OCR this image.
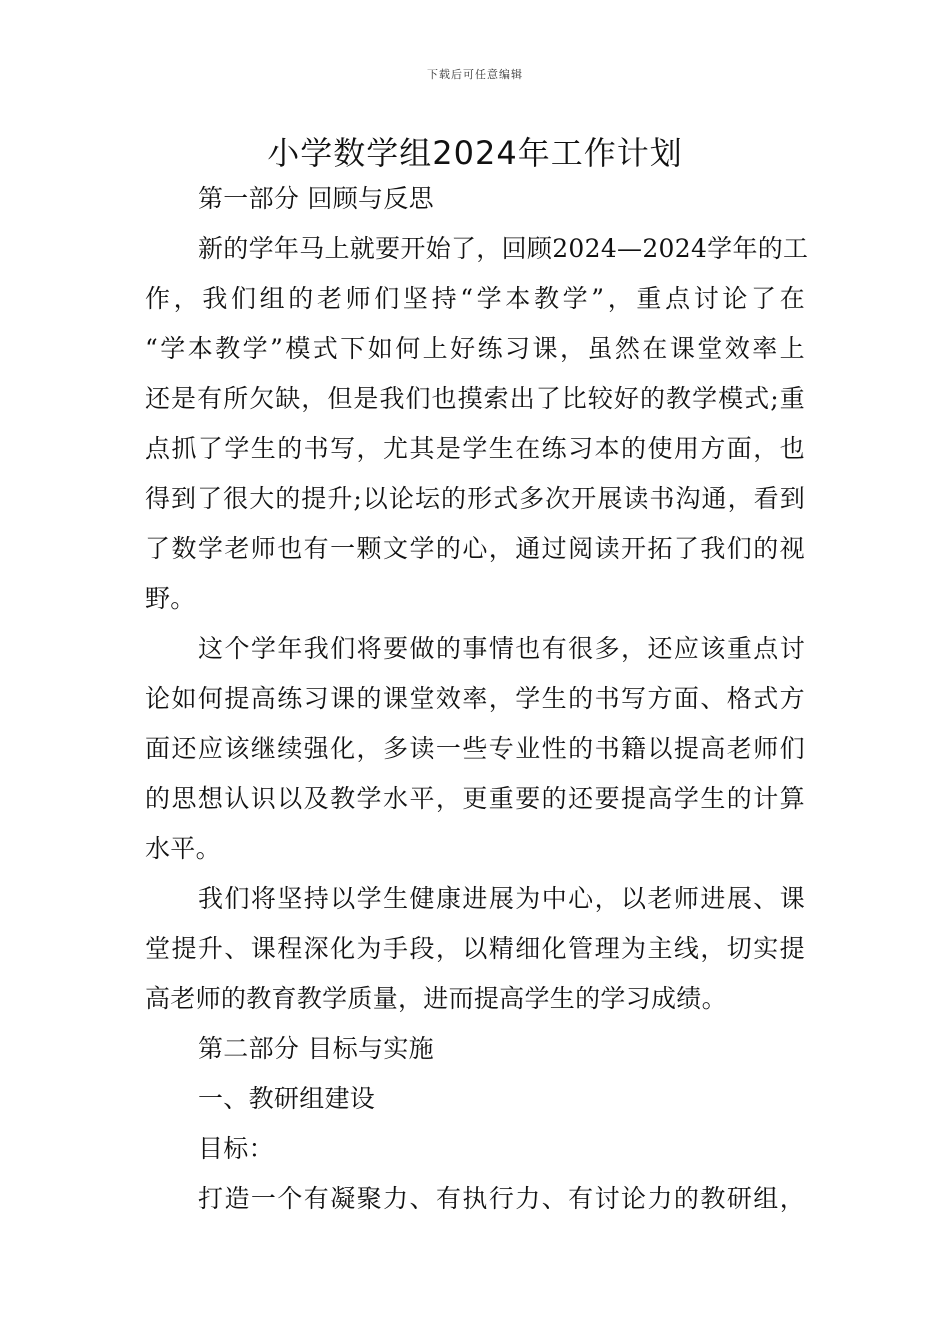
下载后可任意编辑
小学数学组2024年工作计划
第一部分 回顾与反思
新的学年马上就要开始了，回顾2024—2024学年的工
作，我们组的老师们坚持“学本教学”，重点讨论了在
“学本教学”模式下如何上好练习课，虽然在课堂效率上
还是有所欠缺，但是我们也摸索出了比较好的教学模式;重
点抓了学生的书写，尤其是学生在练习本的使用方面，也
得到了很大的提升;以论坛的形式多次开展读书沟通，看到
了数学老师也有一颗文学的心，通过阅读开拓了我们的视
野。
这个学年我们将要做的事情也有很多，还应该重点讨
论如何提高练习课的课堂效率，学生的书写方面、格式方
面还应该继续强化，多读一些专业性的书籍以提高老师们
的思想认识以及教学水平，更重要的还要提高学生的计算
水平。
我们将坚持以学生健康进展为中心，以老师进展、课
堂提升、课程深化为手段，以精细化管理为主线，切实提
高老师的教育教学质量，进而提高学生的学习成绩。
第二部分 目标与实施
一、教研组建设
目标：
打造一个有凝聚力、有执行力、有讨论力的教研组，
